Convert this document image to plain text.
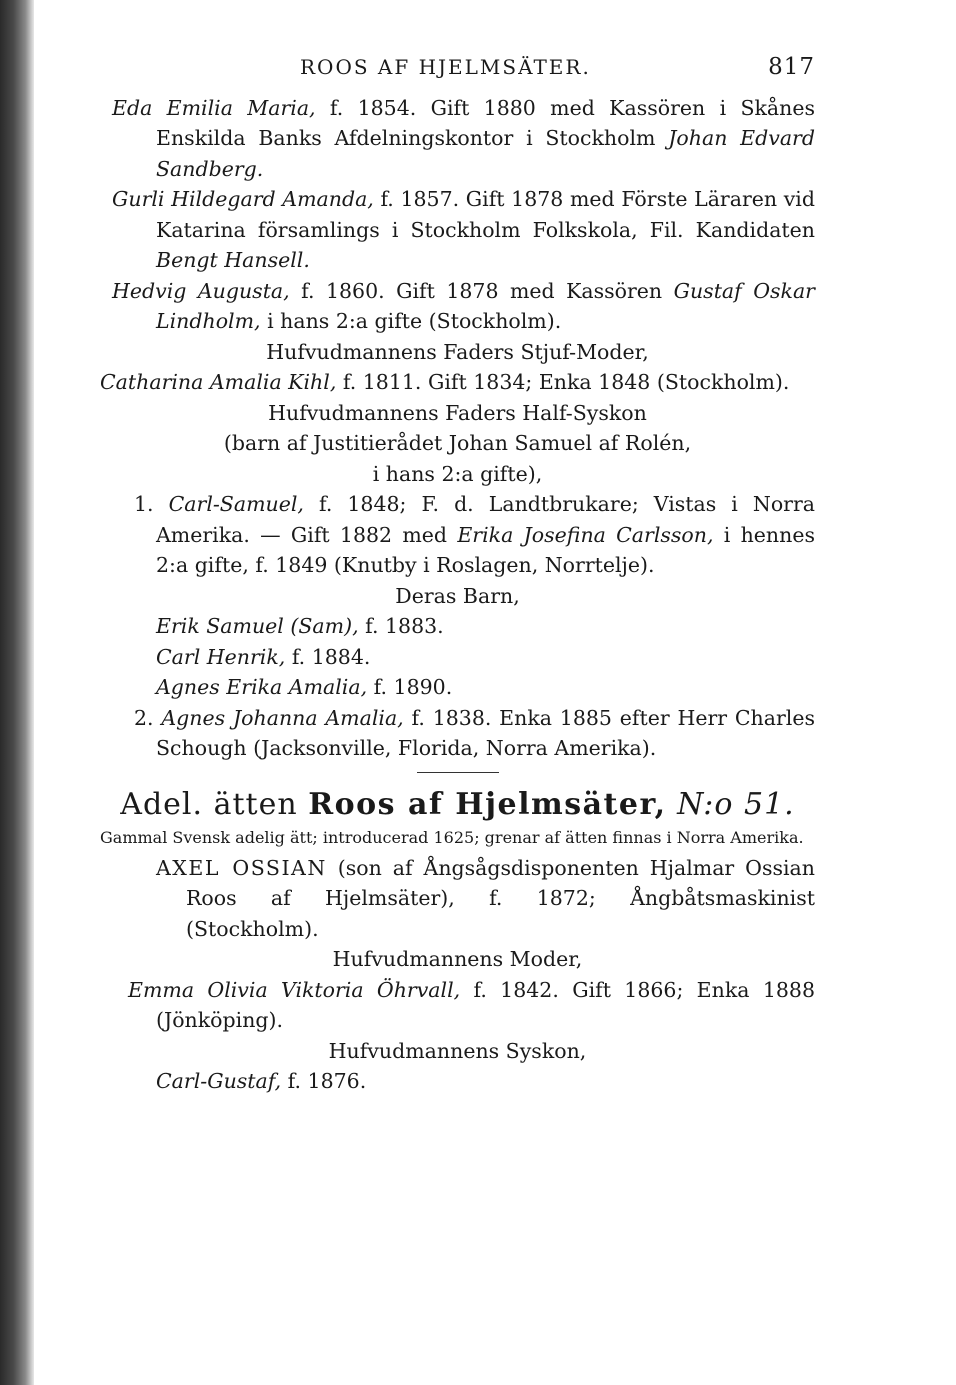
ROOS AF HJELMSÄTER.	817
Eda Emilia Maria, f. 1854. Gift 1880 med Kassören i Skånes Enskilda Banks Afdelningskontor i Stockholm Johan Edvard Sandberg.
Gurli Hildegard Amanda, f. 1857. Gift 1878 med Förste Läraren vid Katarina församlings i Stockholm Folkskola, Fil. Kandidaten Bengt Hansell.
Hedvig Augusta, f. 1860. Gift 1878 med Kassören Gustaf Oskar Lindholm, i hans 2:a gifte (Stockholm).
Hufvudmannens Faders Stjuf-Moder,
Catharina Amalia Kihl, f. 1811. Gift 1834; Enka 1848 (Stockholm).
Hufvudmannens Faders Half-Syskon
(barn af Justitierådet Johan Samuel af Rolén,
i hans 2:a gifte),
1. Carl-Samuel, f. 1848; F. d. Landtbrukare; Vistas i Norra Amerika. — Gift 1882 med Erika Josefina Carlsson, i hennes 2:a gifte, f. 1849 (Knutby i Roslagen, Norrtelje).
Deras Barn,
Erik Samuel (Sam), f. 1883.
Carl Henrik, f. 1884.
Agnes Erika Amalia, f. 1890.
2. Agnes Johanna Amalia, f. 1838. Enka 1885 efter Herr Charles Schough (Jacksonville, Florida, Norra Amerika).
Adel. ätten Roos af Hjelmsäter, N:o 51.
Gammal Svensk adelig ätt; introducerad 1625; grenar af ätten finnas i Norra Amerika.
AXEL OSSIAN (son af Ångsågsdisponenten Hjalmar Ossian Roos af Hjelmsäter), f. 1872; Ångbåtsmaskinist (Stockholm).
Hufvudmannens Moder,
Emma Olivia Viktoria Öhrvall, f. 1842. Gift 1866; Enka 1888 (Jönköping).
Hufvudmannens Syskon,
Carl-Gustaf, f. 1876.
